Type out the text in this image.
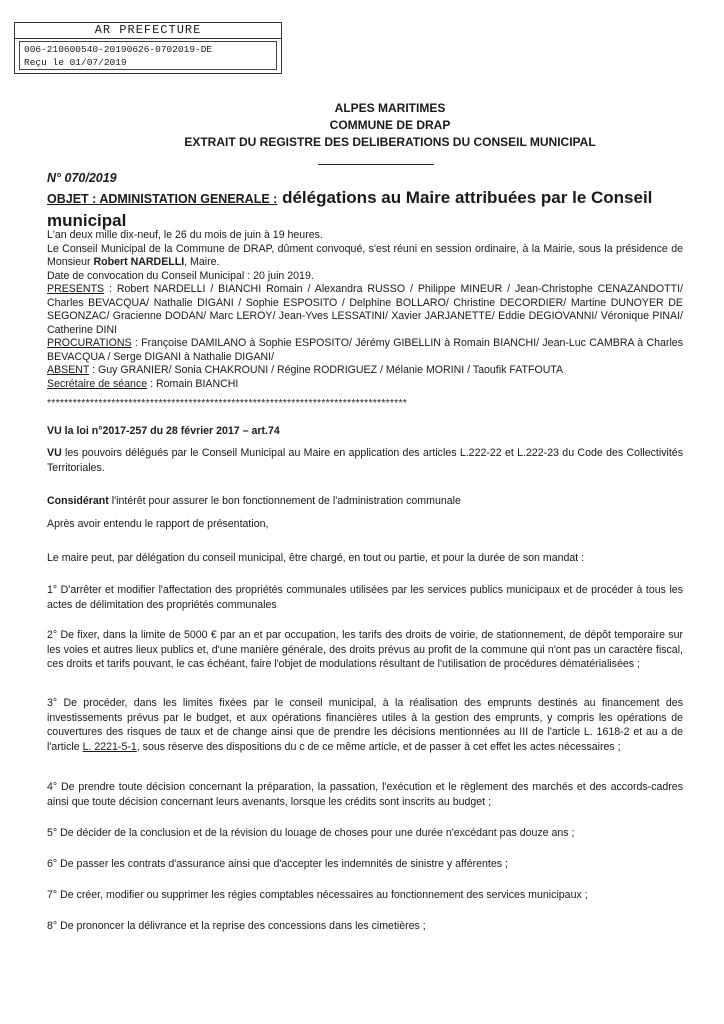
AR PREFECTURE
006-210600540-20190626-0702019-DE
Reçu le 01/07/2019
ALPES MARITIMES
COMMUNE DE DRAP
EXTRAIT DU REGISTRE DES DELIBERATIONS DU CONSEIL MUNICIPAL
N° 070/2019
OBJET : ADMINISTATION GENERALE : délégations au Maire attribuées par le Conseil municipal

L'an deux mille dix-neuf, le 26 du mois de juin à 19 heures.

Le Conseil Municipal de la Commune de DRAP, dûment convoqué, s'est réuni en session ordinaire, à la Mairie, sous la présidence de Monsieur Robert NARDELLI, Maire.

Date de convocation du Conseil Municipal : 20 juin 2019.

PRESENTS : Robert NARDELLI / BIANCHI Romain / Alexandra RUSSO / Philippe MINEUR / Jean-Christophe CENAZANDOTTI/ Charles BEVACQUA/ Nathalie DIGANI / Sophie ESPOSITO / Delphine BOLLARO/ Christine DECORDIER/ Martine DUNOYER DE SEGONZAC/ Gracienne DODAN/ Marc LEROY/ Jean-Yves LESSATINI/ Xavier JARJANETTE/ Eddie DEGIOVANNI/ Véronique PINAI/ Catherine DINI

PROCURATIONS : Françoise DAMILANO à Sophie ESPOSITO/ Jérémy GIBELLIN à Romain BIANCHI/ Jean-Luc CAMBRA à Charles BEVACQUA / Serge DIGANI à Nathalie DIGANI/

ABSENT : Guy GRANIER/ Sonia CHAKROUNI / Régine RODRIGUEZ / Mélanie MORINI / Taoufik FATFOUTA

Secrétaire de séance : Romain BIANCHI

************************************************************************************

VU la loi n°2017-257 du 28 février 2017 – art.74

VU les pouvoirs délégués par le Conseil Municipal au Maire en application des articles L.222-22 et L.222-23 du Code des Collectivités Territoriales.

Considérant l'intérêt pour assurer le bon fonctionnement de l'administration communale

Après avoir entendu le rapport de présentation,

Le maire peut, par délégation du conseil municipal, être chargé, en tout ou partie, et pour la durée de son mandat :

1° D'arrêter et modifier l'affectation des propriétés communales utilisées par les services publics municipaux et de procéder à tous les actes de délimitation des propriétés communales

2° De fixer, dans la limite de 5000 € par an et par occupation, les tarifs des droits de voirie, de stationnement, de dépôt temporaire sur les voies et autres lieux publics et, d'une manière générale, des droits prévus au profit de la commune qui n'ont pas un caractère fiscal, ces droits et tarifs pouvant, le cas échéant, faire l'objet de modulations résultant de l'utilisation de procédures dématérialisées ;

3° De procéder, dans les limites fixées par le conseil municipal, à la réalisation des emprunts destinés au financement des investissements prévus par le budget, et aux opérations financières utiles à la gestion des emprunts, y compris les opérations de couvertures des risques de taux et de change ainsi que de prendre les décisions mentionnées au III de l'article L. 1618-2 et au a de l'article L. 2221-5-1, sous réserve des dispositions du c de ce même article, et de passer à cet effet les actes nécessaires ;

4° De prendre toute décision concernant la préparation, la passation, l'exécution et le règlement des marchés et des accords-cadres ainsi que toute décision concernant leurs avenants, lorsque les crédits sont inscrits au budget ;

5° De décider de la conclusion et de la révision du louage de choses pour une durée n'excédant pas douze ans ;

6° De passer les contrats d'assurance ainsi que d'accepter les indemnités de sinistre y afférentes ;

7° De créer, modifier ou supprimer les régies comptables nécessaires au fonctionnement des services municipaux ;

8° De prononcer la délivrance et la reprise des concessions dans les cimetières ;
